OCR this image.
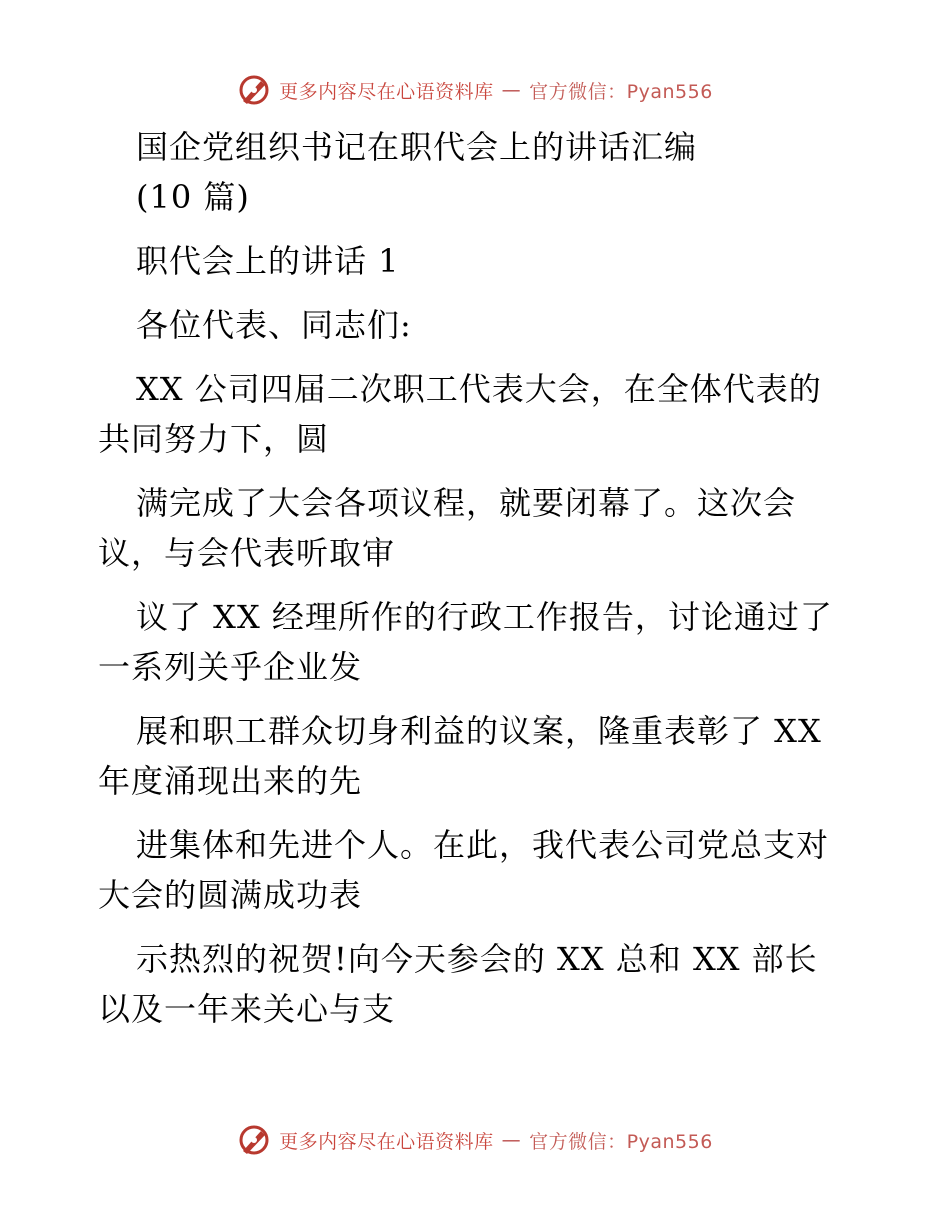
更多内容尽在心语资料库 — 官方微信：Pyan556

国企党组织书记在职代会上的讲话汇编

(10 篇)

职代会上的讲话 1

各位代表、同志们:

XX 公司四届二次职工代表大会，在全体代表的

共同努力下，圆

满完成了大会各项议程，就要闭幕了。这次会

议，与会代表听取审

议了 XX 经理所作的行政工作报告，讨论通过了

一系列关乎企业发

展和职工群众切身利益的议案，隆重表彰了 XX

年度涌现出来的先

进集体和先进个人。在此，我代表公司党总支对

大会的圆满成功表

示热烈的祝贺!向今天参会的 XX 总和 XX 部长

以及一年来关心与支

更多内容尽在心语资料库 — 官方微信：Pyan556
